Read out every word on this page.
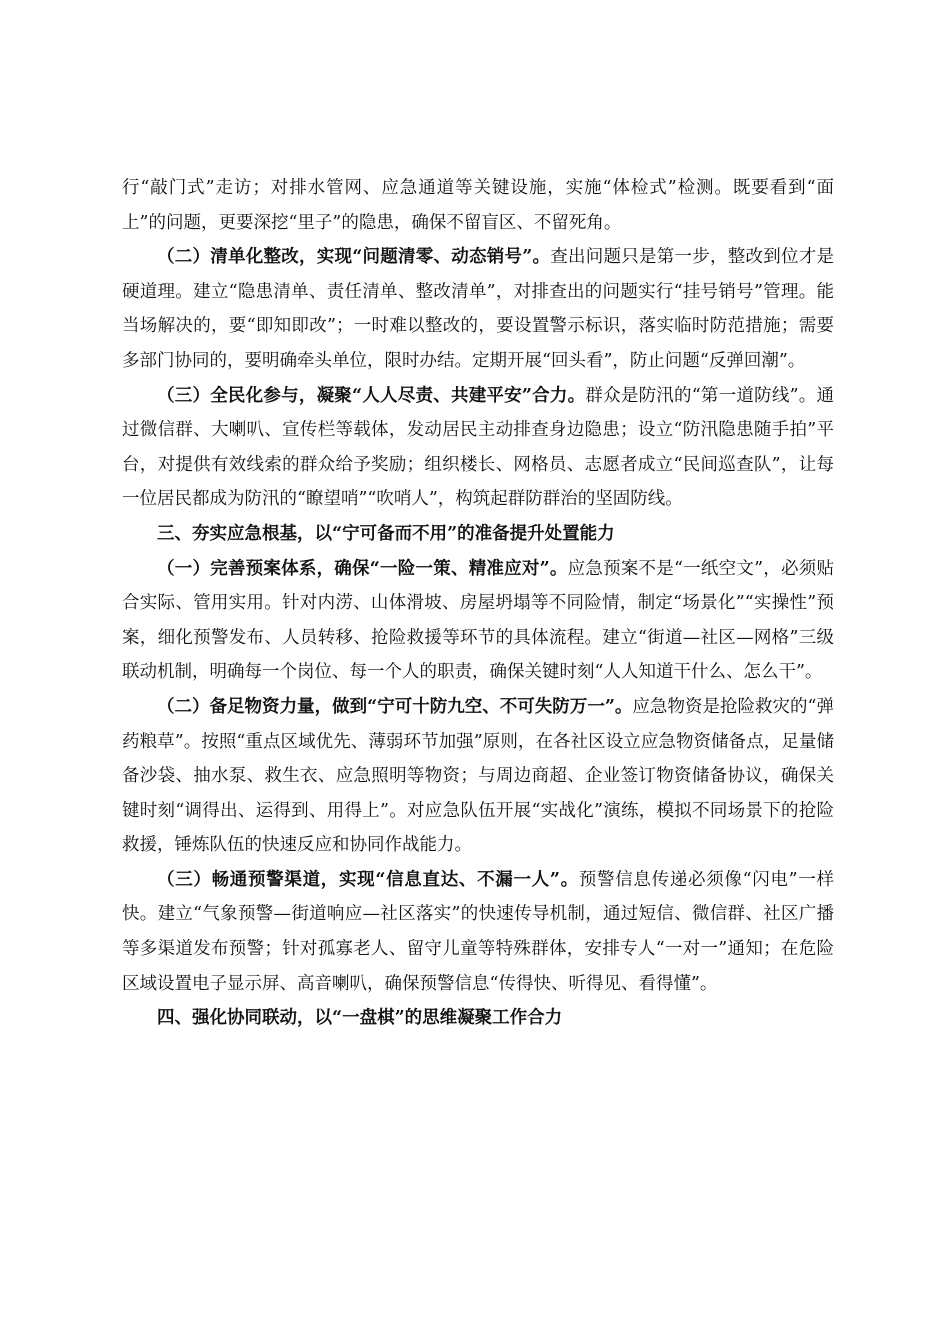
行“敲门式”走访；对排水管网、应急通道等关键设施，实施“体检式”检测。既要看到“面上”的问题，更要深挖“里子”的隐患，确保不留盲区、不留死角。

（二）清单化整改，实现“问题清零、动态销号”。查出问题只是第一步，整改到位才是硬道理。建立“隐患清单、责任清单、整改清单”，对排查出的问题实行“挂号销号”管理。能当场解决的，要“即知即改”；一时难以整改的，要设置警示标识，落实临时防范措施；需要多部门协同的，要明确牵头单位，限时办结。定期开展“回头看”，防止问题“反弹回潮”。

（三）全民化参与，凝聚“人人尽责、共建平安”合力。群众是防汛的“第一道防线”。通过微信群、大喇叭、宣传栏等载体，发动居民主动排查身边隐患；设立“防汛隐患随手拍”平台，对提供有效线索的群众给予奖励；组织楼长、网格员、志愿者成立“民间巡查队”，让每一位居民都成为防汛的“瞭望哨”“吹哨人”，构筑起群防群治的坚固防线。

三、夯实应急根基，以“宁可备而不用”的准备提升处置能力

（一）完善预案体系，确保“一险一策、精准应对”。应急预案不是“一纸空文”，必须贴合实际、管用实用。针对内涝、山体滑坡、房屋坍塌等不同险情，制定“场景化”“实操性”预案，细化预警发布、人员转移、抢险救援等环节的具体流程。建立“街道—社区—网格”三级联动机制，明确每一个岗位、每一个人的职责，确保关键时刻“人人知道干什么、怎么干”。

（二）备足物资力量，做到“宁可十防九空、不可失防万一”。应急物资是抢险救灾的“弹药粮草”。按照“重点区域优先、薄弱环节加强”原则，在各社区设立应急物资储备点，足量储备沙袋、抽水泵、救生衣、应急照明等物资；与周边商超、企业签订物资储备协议，确保关键时刻“调得出、运得到、用得上”。对应急队伍开展“实战化”演练，模拟不同场景下的抢险救援，锤炼队伍的快速反应和协同作战能力。

（三）畅通预警渠道，实现“信息直达、不漏一人”。预警信息传递必须像“闪电”一样快。建立“气象预警—街道响应—社区落实”的快速传导机制，通过短信、微信群、社区广播等多渠道发布预警；针对孤寡老人、留守儿童等特殊群体，安排专人“一对一”通知；在危险区域设置电子显示屏、高音喇叭，确保预警信息“传得快、听得见、看得懂”。

四、强化协同联动，以“一盘棋”的思维凝聚工作合力
